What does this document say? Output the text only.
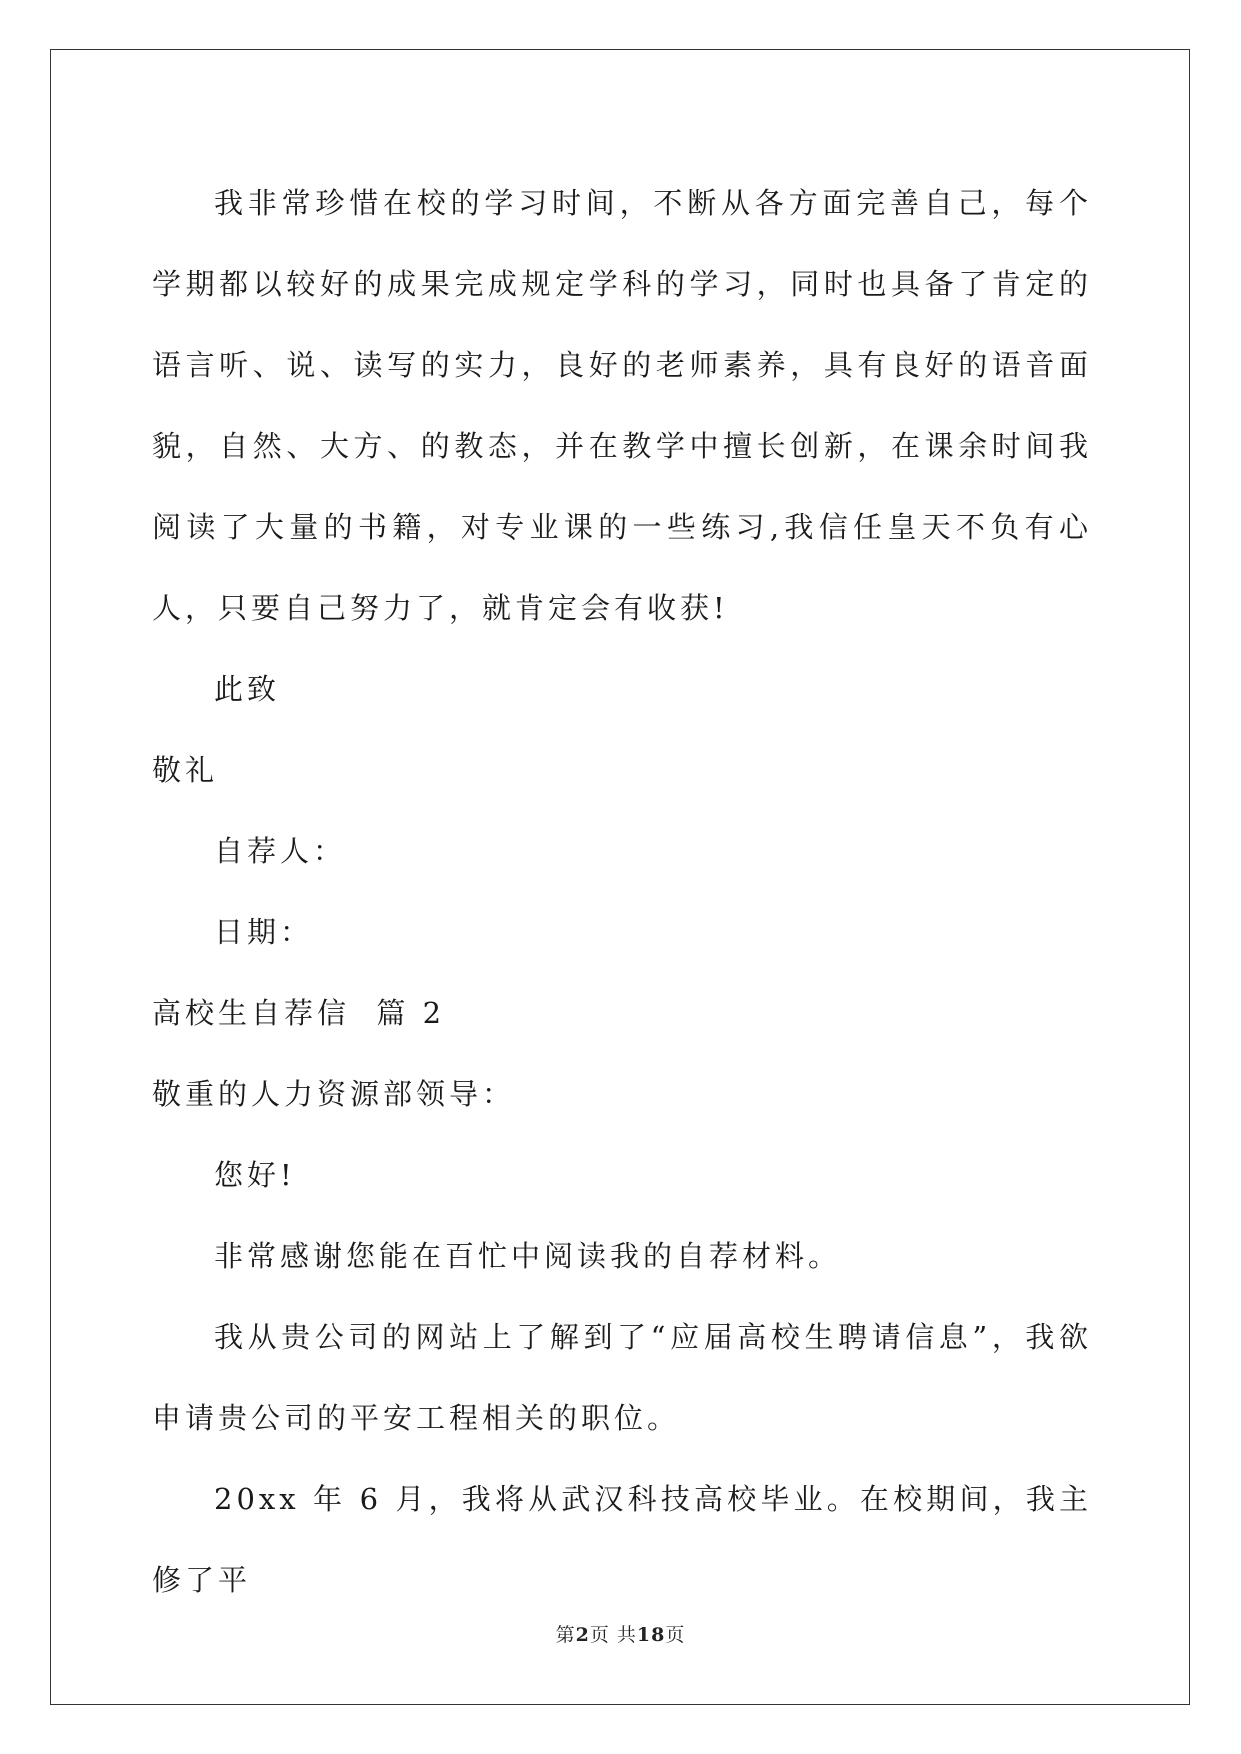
我非常珍惜在校的学习时间，不断从各方面完善自己，每个学期都以较好的成果完成规定学科的学习，同时也具备了肯定的语言听、说、读写的实力，良好的老师素养，具有良好的语音面貌，自然、大方、的教态，并在教学中擅长创新，在课余时间我阅读了大量的书籍，对专业课的一些练习,我信任皇天不负有心人，只要自己努力了，就肯定会有收获!

此致

敬礼

自荐人：

日期：

高校生自荐信  篇 2

敬重的人力资源部领导：

您好!

非常感谢您能在百忙中阅读我的自荐材料。

我从贵公司的网站上了解到了“应届高校生聘请信息”，我欲申请贵公司的平安工程相关的职位。

20xx 年 6 月，我将从武汉科技高校毕业。在校期间，我主修了平

第2页 共18页
